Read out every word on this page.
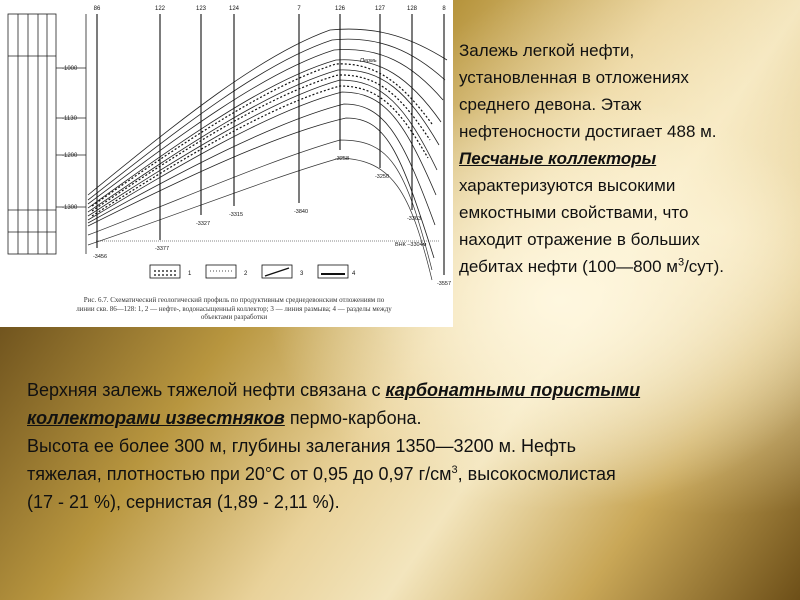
-1000
-1130
-1200
-1300
ВНК –3304м
Пермь
86	122	123	124	7	126	127	128	8
-3456
-3377
-3327
-3315	-3840
-3258
-3250
-3363
-3557
1	2	3	4
Рис. 6.7. Схематический геологический профиль по продуктивным среднедевонским отложениям по
линии скв. 86—128: 1, 2 — нефте-, водонасыщенный коллектор; 3 — линия размыва; 4 — разделы между
объектами разработки
Залежь легкой нефти,
установленная в отложениях
среднего девона. Этаж
нефтеносности достигает 488 м.
Песчаные коллекторы
характеризуются высокими
емкостными свойствами, что
находит отражение в больших
дебитах нефти (100—800 $м^3/сут$).
Верхняя залежь тяжелой нефти связана с карбонатными пористыми
коллекторами известняков пермо-карбона.
Высота ее более 300 м, глубины залегания 1350—3200 м. Нефть
тяжелая, плотностью при 20°С от 0,95 до 0,97 $г/см^3$, высокосмолистая
(17 - 21 %), сернистая (1,89 - 2,11 %).
